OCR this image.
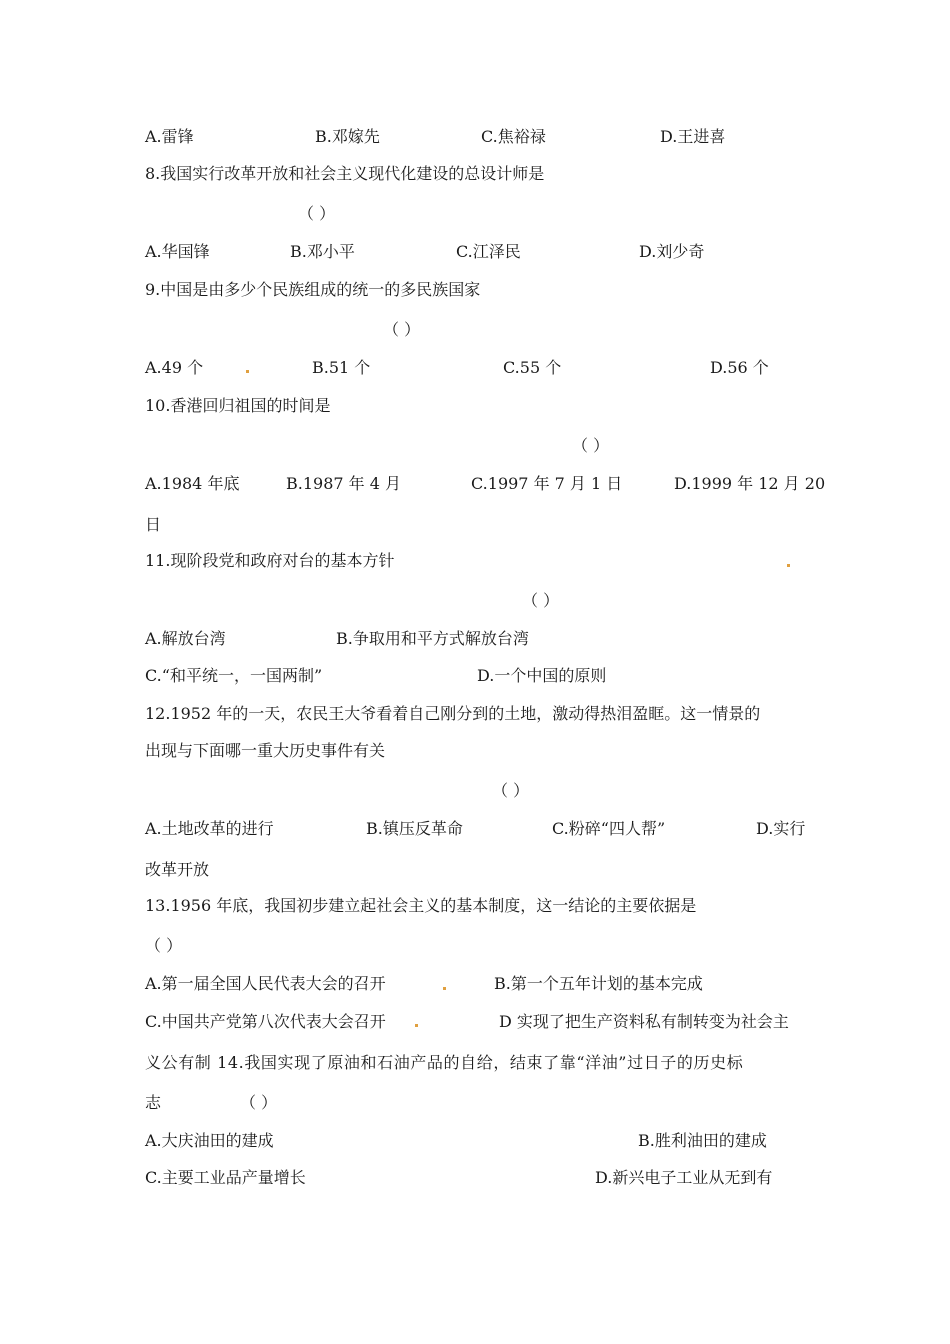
A.雷锋	B.邓嫁先	C.焦裕禄	D.王进喜
8.我国实行改革开放和社会主义现代化建设的总设计师是
（ ）
A.华国锋	B.邓小平	C.江泽民	D.刘少奇
9.中国是由多少个民族组成的统一的多民族国家
（ ）
A.49 个	B.51 个	C.55 个	D.56 个
10.香港回归祖国的时间是
（ ）
A.1984 年底	B.1987 年 4 月	C.1997 年 7 月 1 日	D.1999 年 12 月 20
日
11.现阶段党和政府对台的基本方针
（ ）
A.解放台湾	B.争取用和平方式解放台湾
C.“和平统一，一国两制”	D.一个中国的原则
12.1952 年的一天，农民王大爷看着自己刚分到的土地，激动得热泪盈眶。这一情景的
出现与下面哪一重大历史事件有关
（ ）
A.土地改革的进行	B.镇压反革命	C.粉碎“四人帮”	D.实行
改革开放
13.1956 年底，我国初步建立起社会主义的基本制度，这一结论的主要依据是
（ ）
A.第一届全国人民代表大会的召开	B.第一个五年计划的基本完成
C.中国共产党第八次代表大会召开	D 实现了把生产资料私有制转变为社会主
义公有制 14.我国实现了原油和石油产品的自给，结束了靠“洋油”过日子的历史标
志	（ ）
A.大庆油田的建成	B.胜利油田的建成
C.主要工业品产量增长	D.新兴电子工业从无到有
